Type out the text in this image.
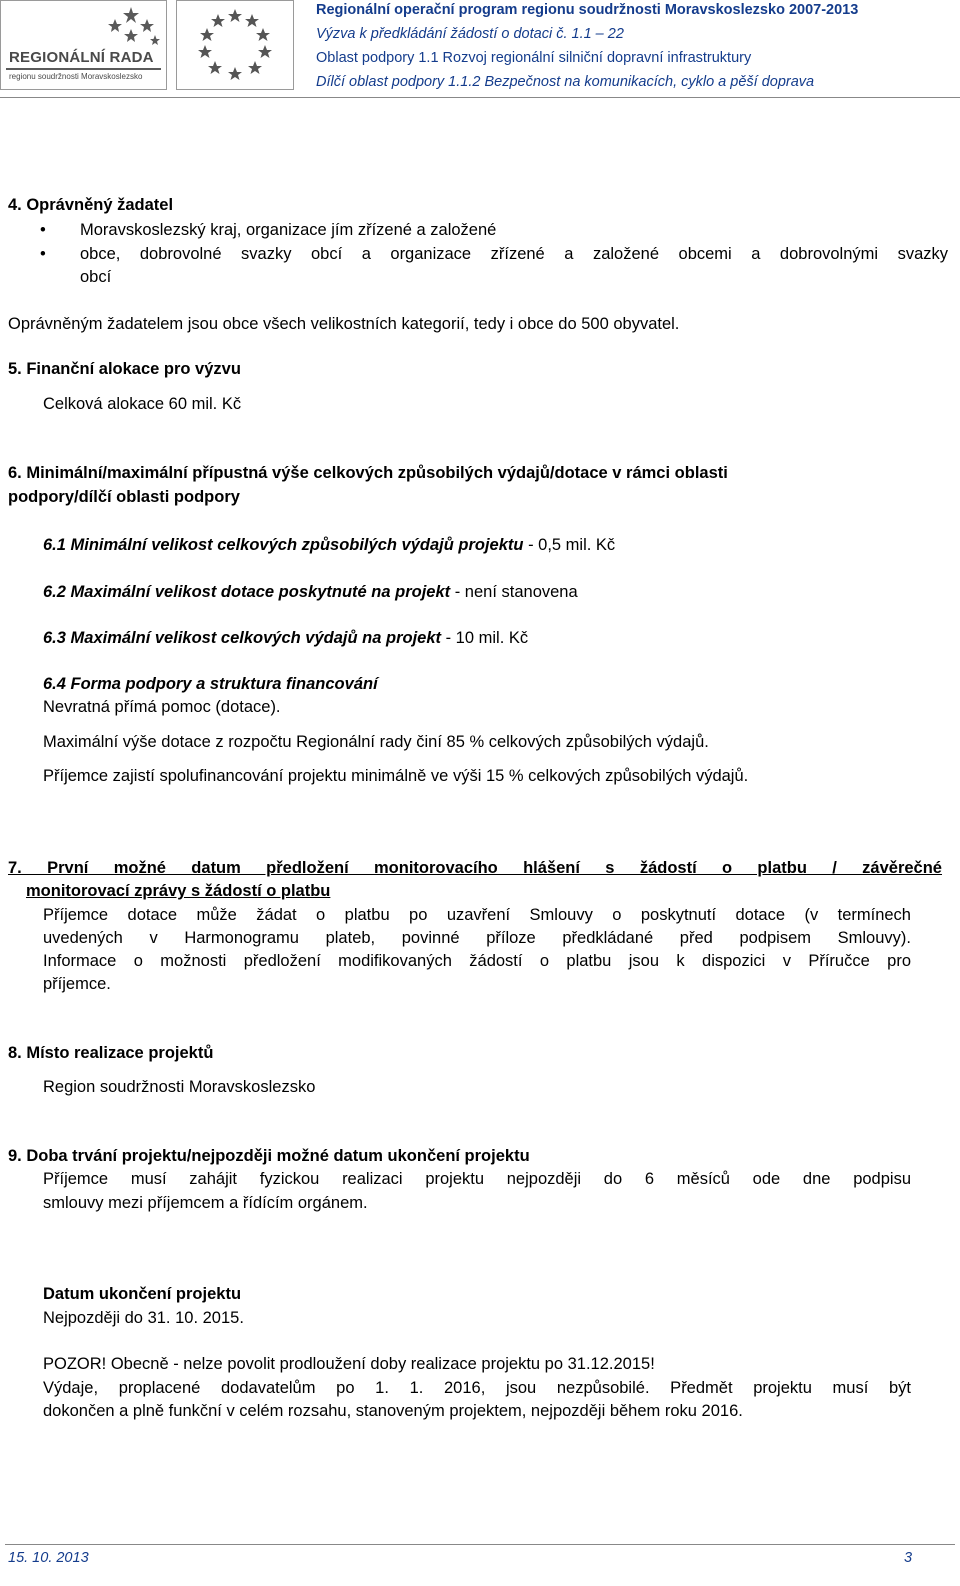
REGIONÁLNÍ RADA
regionu soudržnosti Moravskoslezsko
Regionální operační program regionu soudržnosti Moravskoslezsko 2007-2013
Výzva k předkládání žádostí o dotaci č. 1.1 – 22
Oblast podpory 1.1 Rozvoj regionální silniční dopravní infrastruktury
Dílčí oblast podpory 1.1.2 Bezpečnost na komunikacích, cyklo a pěší doprava
4. Oprávněný žadatel
• Moravskoslezský kraj, organizace jím zřízené a založené
• obce, dobrovolné svazky obcí a organizace zřízené a založené obcemi a dobrovolnými svazky
obcí
Oprávněným žadatelem jsou obce všech velikostních kategorií, tedy i obce do 500 obyvatel.
5. Finanční alokace pro výzvu
Celková alokace 60 mil. Kč
6. Minimální/maximální přípustná výše celkových způsobilých výdajů/dotace v rámci oblasti
podpory/dílčí oblasti podpory
6.1 Minimální velikost celkových způsobilých výdajů projektu - 0,5 mil. Kč
6.2 Maximální velikost dotace poskytnuté na projekt - není stanovena
6.3 Maximální velikost celkových výdajů na projekt - 10 mil. Kč
6.4 Forma podpory a struktura financování
Nevratná přímá pomoc (dotace).
Maximální výše dotace z rozpočtu Regionální rady činí 85 % celkových způsobilých výdajů.
Příjemce zajistí spolufinancování projektu minimálně ve výši 15 % celkových způsobilých výdajů.
7. První možné datum předložení monitorovacího hlášení s žádostí o platbu / závěrečné
monitorovací zprávy s žádostí o platbu
Příjemce dotace může žádat o platbu po uzavření Smlouvy o poskytnutí dotace (v termínech
uvedených v Harmonogramu plateb, povinné příloze předkládané před podpisem Smlouvy).
Informace o možnosti předložení modifikovaných žádostí o platbu jsou k dispozici v Příručce pro
příjemce.
8. Místo realizace projektů
Region soudržnosti Moravskoslezsko
9. Doba trvání projektu/nejpozději možné datum ukončení projektu
Příjemce musí zahájit fyzickou realizaci projektu nejpozději do 6 měsíců ode dne podpisu
smlouvy mezi příjemcem a řídícím orgánem.
Datum ukončení projektu
Nejpozději do 31. 10. 2015.
POZOR! Obecně - nelze povolit prodloužení doby realizace projektu po 31.12.2015!
Výdaje, proplacené dodavatelům po 1. 1. 2016, jsou nezpůsobilé. Předmět projektu musí být
dokončen a plně funkční v celém rozsahu, stanoveným projektem, nejpozději během roku 2016.
15. 10. 2013	3
